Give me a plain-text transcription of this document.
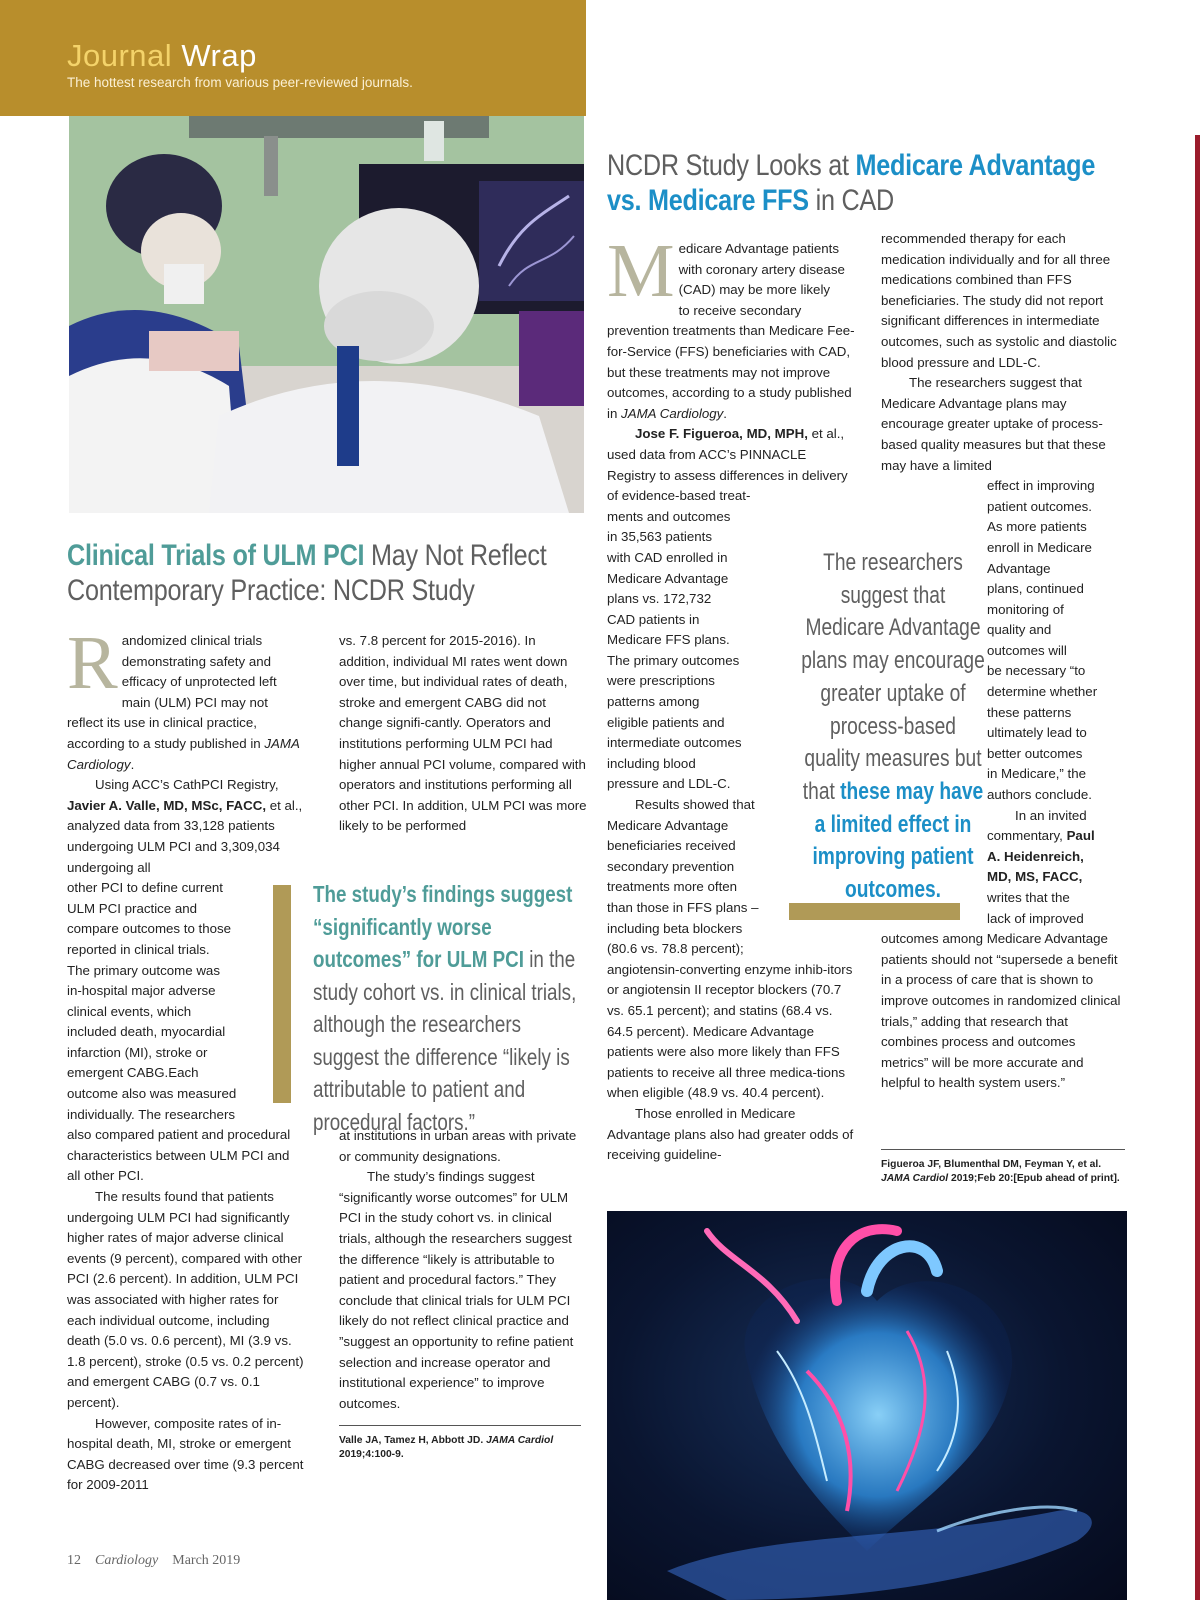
Journal Wrap
The hottest research from various peer-reviewed journals.
Clinical Trials of ULM PCI May Not Reflect Contemporary Practice: NCDR Study

R andomized clinical trials
demonstrating safety and
efficacy of unprotected left
main (ULM) PCI may not reflect its use in clinical practice, according to a study published in JAMA Cardiology.

Using ACC’s CathPCI Registry, Javier A. Valle, MD, MSc, FACC, et al., analyzed data from 33,128 patients undergoing ULM PCI and 3,309,034 undergoing all

other PCI to define current
ULM PCI practice and
compare outcomes to those
reported in clinical trials.
The primary outcome was
in-hospital major adverse
clinical events, which
included death, myocardial
infarction (MI), stroke or
emergent CABG.Each
outcome also was measured
individually. The researchers

also compared patient and procedural characteristics between ULM PCI and all other PCI.

The results found that patients undergoing ULM PCI had significantly higher rates of major adverse clinical events (9 percent), compared with other PCI (2.6 percent). In addition, ULM PCI was associated with higher rates for each individual outcome, including death (5.0 vs. 0.6 percent), MI (3.9 vs. 1.8 percent), stroke (0.5 vs. 0.2 percent) and emergent CABG (0.7 vs. 0.1 percent).

However, composite rates of in-hospital death, MI, stroke or emergent CABG decreased over time (9.3 percent for 2009-2011

vs. 7.8 percent for 2015-2016). In addition, individual MI rates went down over time, but individual rates of death, stroke and emergent CABG did not change signifi-cantly. Operators and institutions performing ULM PCI had higher annual PCI volume, compared with operators and institutions performing all other PCI. In addition, ULM PCI was more likely to be performed

The study’s findings suggest “significantly worse outcomes” for ULM PCI in the study cohort vs. in clinical trials, although the researchers suggest the difference “likely is attributable to patient and procedural factors.”

at institutions in urban areas with private or community designations.

The study’s findings suggest “significantly worse outcomes” for ULM PCI in the study cohort vs. in clinical trials, although the researchers suggest the difference “likely is attributable to patient and procedural factors.” They conclude that clinical trials for ULM PCI likely do not reflect clinical practice and ”suggest an opportunity to refine patient selection and increase operator and institutional experience” to improve outcomes.

Valle JA, Tamez H, Abbott JD. JAMA Cardiol 2019;4:100-9.
NCDR Study Looks at Medicare Advantage vs. Medicare FFS in CAD

M edicare Advantage patients
with coronary artery disease
(CAD) may be more likely
to receive secondary prevention treatments than Medicare Fee-for-Service (FFS) beneficiaries with CAD, but these treatments may not improve outcomes, according to a study published in JAMA Cardiology.

Jose F. Figueroa, MD, MPH, et al., used data from ACC’s PINNACLE Registry to assess differences in delivery of evidence-based treat-

ments and outcomes
in 35,563 patients
with CAD enrolled in
Medicare Advantage
plans vs. 172,732
CAD patients in
Medicare FFS plans.
The primary outcomes
were prescriptions
patterns among
eligible patients and
intermediate outcomes
including blood
pressure and LDL-C.
Results showed that
Medicare Advantage
beneficiaries received
secondary prevention
treatments more often
than those in FFS plans –
including beta blockers
(80.6 vs. 78.8 percent);

angiotensin-converting enzyme inhib-itors or angiotensin II receptor blockers (70.7 vs. 65.1 percent); and statins (68.4 vs. 64.5 percent). Medicare Advantage patients were also more likely than FFS patients to receive all three medica-tions when eligible (48.9 vs. 40.4 percent).

Those enrolled in Medicare Advantage plans also had greater odds of receiving guideline-

The researchers suggest that Medicare Advantage plans may encourage greater uptake of process-based quality measures but that these may have a limited effect in improving patient outcomes.

recommended therapy for each medication individually and for all three medications combined than FFS beneficiaries. The study did not report significant differences in intermediate outcomes, such as systolic and diastolic blood pressure and LDL-C.

The researchers suggest that Medicare Advantage plans may encourage greater uptake of process-based quality measures but that these may have a limited

effect in improving
patient outcomes.
As more patients
enroll in Medicare
Advantage
plans, continued
monitoring of
quality and
outcomes will
be necessary “to
determine whether
these patterns
ultimately lead to
better outcomes
in Medicare,” the
authors conclude.
In an invited
commentary, Paul
A. Heidenreich,
MD, MS, FACC,
writes that the
lack of improved

outcomes among Medicare Advantage patients should not “supersede a benefit in a process of care that is shown to improve outcomes in randomized clinical trials,” adding that research that combines process and outcomes metrics” will be more accurate and helpful to health system users.”

Figueroa JF, Blumenthal DM, Feyman Y, et al. JAMA Cardiol 2019;Feb 20:[Epub ahead of print].
12 Cardiology March 2019
